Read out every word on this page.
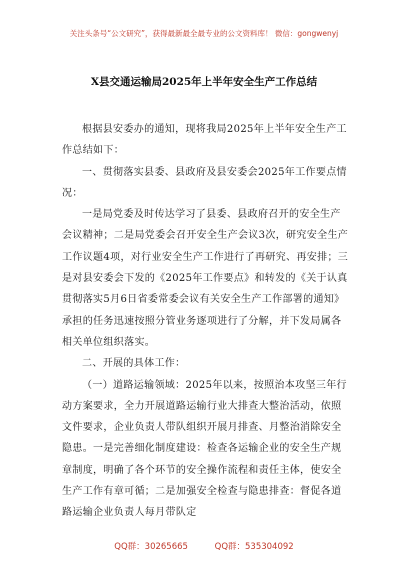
关注头条号“公文研究”，获得最新最全最专业的公文资料库！ 微信：gongwenyj
X县交通运输局2025年上半年安全生产工作总结

根据县安委办的通知，现将我局2025年上半年安全生产工作总结如下：

一、贯彻落实县委、县政府及县安委会2025年工作要点情况：

一是局党委及时传达学习了县委、县政府召开的安全生产会议精神；二是局党委会召开安全生产会议3次，研究安全生产工作议题4项，对行业安全生产工作进行了再研究、再安排；三是对县安委会下发的《2025年工作要点》和转发的《关于认真贯彻落实5月6日省委常委会议有关安全生产工作部署的通知》承担的任务迅速按照分管业务逐项进行了分解，并下发局属各相关单位组织落实。

二、开展的具体工作：

（一）道路运输领域：2025年以来，按照治本攻坚三年行动方案要求，全力开展道路运输行业大排查大整治活动，依照文件要求，企业负责人带队组织开展月排查、月整治消除安全隐患。一是完善细化制度建设：检查各运输企业的安全生产规章制度，明确了各个环节的安全操作流程和责任主体，使安全生产工作有章可循；二是加强安全检查与隐患排查：督促各道路运输企业负责人每月带队定

QQ群：30265665	QQ群：535304092
